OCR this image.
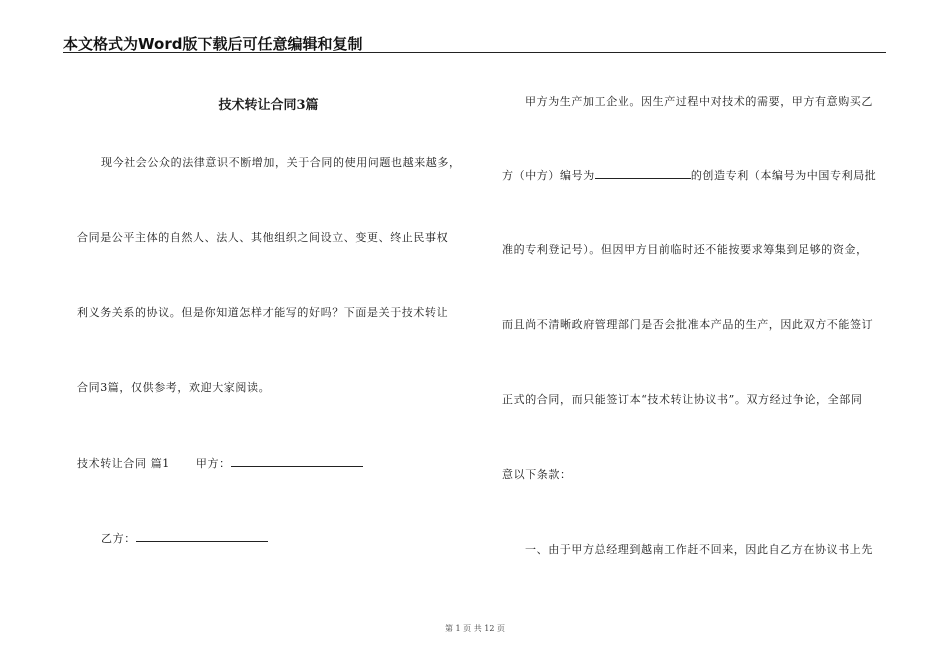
本文格式为Word版下载后可任意编辑和复制
技术转让合同3篇
现今社会公众的法律意识不断增加，关于合同的使用问题也越来越多，
合同是公平主体的自然人、法人、其他组织之间设立、变更、终止民事权
利义务关系的协议。但是你知道怎样才能写的好吗？下面是关于技术转让
合同3篇，仅供参考，欢迎大家阅读。
技术转让合同 篇1 甲方：
乙方：
甲方为生产加工企业。因生产过程中对技术的需要，甲方有意购买乙
方（中方）编号为	的创造专利（本编号为中国专利局批
准的专利登记号）。但因甲方目前临时还不能按要求筹集到足够的资金，
而且尚不清晰政府管理部门是否会批准本产品的生产，因此双方不能签订
正式的合同，而只能签订本“技术转让协议书”。双方经过争论，全部同
意以下条款：
一、由于甲方总经理到越南工作赶不回来，因此自乙方在协议书上先
第 1 页 共 12 页
